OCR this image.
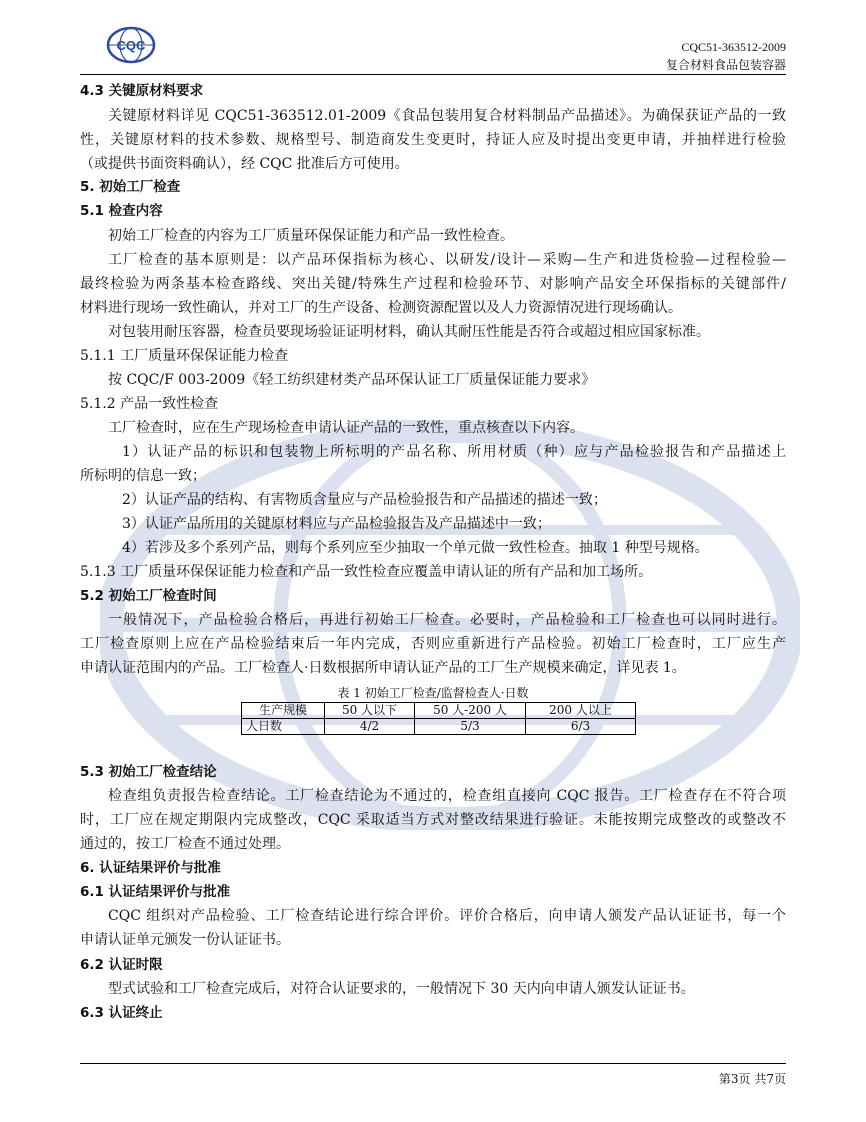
CQC	CQC51-363512-2009
复合材料食品包装容器
4.3 关键原材料要求
关键原材料详见 CQC51-363512.01-2009《食品包装用复合材料制品产品描述》。为确保获证产品的一致
性，关键原材料的技术参数、规格型号、制造商发生变更时，持证人应及时提出变更申请，并抽样进行检验
（或提供书面资料确认），经 CQC 批准后方可使用。
5. 初始工厂检查
5.1 检查内容
初始工厂检查的内容为工厂质量环保保证能力和产品一致性检查。
工厂检查的基本原则是：以产品环保指标为核心、以研发/设计—采购—生产和进货检验—过程检验—
最终检验为两条基本检查路线、突出关键/特殊生产过程和检验环节、对影响产品安全环保指标的关键部件/
材料进行现场一致性确认，并对工厂的生产设备、检测资源配置以及人力资源情况进行现场确认。
对包装用耐压容器，检查员要现场验证证明材料，确认其耐压性能是否符合或超过相应国家标准。
5.1.1 工厂质量环保保证能力检查
按 CQC/F 003-2009《轻工纺织建材类产品环保认证工厂质量保证能力要求》
5.1.2 产品一致性检查
工厂检查时，应在生产现场检查申请认证产品的一致性，重点核查以下内容。
1）认证产品的标识和包装物上所标明的产品名称、所用材质（种）应与产品检验报告和产品描述上
所标明的信息一致；
2）认证产品的结构、有害物质含量应与产品检验报告和产品描述的描述一致；
3）认证产品所用的关键原材料应与产品检验报告及产品描述中一致；
4）若涉及多个系列产品，则每个系列应至少抽取一个单元做一致性检查。抽取 1 种型号规格。
5.1.3 工厂质量环保保证能力检查和产品一致性检查应覆盖申请认证的所有产品和加工场所。
5.2 初始工厂检查时间
一般情况下，产品检验合格后，再进行初始工厂检查。必要时，产品检验和工厂检查也可以同时进行。
工厂检查原则上应在产品检验结束后一年内完成，否则应重新进行产品检验。初始工厂检查时，工厂应生产
申请认证范围内的产品。工厂检查人·日数根据所申请认证产品的工厂生产规模来确定，详见表 1。
表 1 初始工厂检查/监督检查人·日数
生产规模	50 人以下	50 人-200 人	200 人以上
人日数	4/2	5/3	6/3
5.3 初始工厂检查结论
检查组负责报告检查结论。工厂检查结论为不通过的，检查组直接向 CQC 报告。工厂检查存在不符合项
时，工厂应在规定期限内完成整改，CQC 采取适当方式对整改结果进行验证。未能按期完成整改的或整改不
通过的，按工厂检查不通过处理。
6. 认证结果评价与批准
6.1 认证结果评价与批准
CQC 组织对产品检验、工厂检查结论进行综合评价。评价合格后，向申请人颁发产品认证证书，每一个
申请认证单元颁发一份认证证书。
6.2 认证时限
型式试验和工厂检查完成后，对符合认证要求的，一般情况下 30 天内向申请人颁发认证证书。
6.3 认证终止
第3页 共7页
